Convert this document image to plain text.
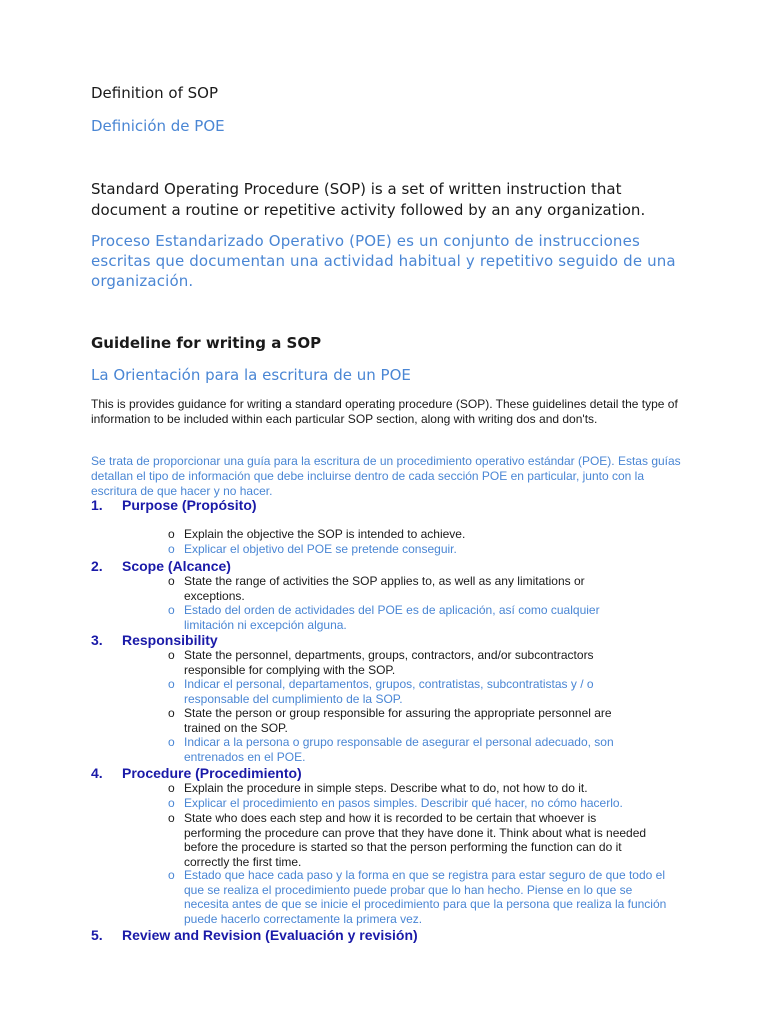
Definition of SOP

Definición de POE

Standard Operating Procedure (SOP) is a set of written instruction that document a routine or repetitive activity followed by an any organization.

Proceso Estandarizado Operativo (POE) es un conjunto de instrucciones escritas que documentan una actividad habitual y repetitivo seguido de una organización.

Guideline for writing a SOP

La Orientación para la escritura de un POE

This is provides guidance for writing a standard operating procedure (SOP). These guidelines detail the type of information to be included within each particular SOP section, along with writing dos and don'ts.

Se trata de proporcionar una guía para la escritura de un procedimiento operativo estándar (POE). Estas guías detallan el tipo de información que debe incluirse dentro de cada sección POE en particular, junto con la escritura de que hacer y no hacer.

1. Purpose (Propósito)
o Explain the objective the SOP is intended to achieve.
o Explicar el objetivo del POE se pretende conseguir.
2. Scope (Alcance)
o State the range of activities the SOP applies to, as well as any limitations or exceptions.
o Estado del orden de actividades del POE es de aplicación, así como cualquier limitación ni excepción alguna.
3. Responsibility
o State the personnel, departments, groups, contractors, and/or subcontractors responsible for complying with the SOP.
o Indicar el personal, departamentos, grupos, contratistas, subcontratistas y / o responsable del cumplimiento de la SOP.
o State the person or group responsible for assuring the appropriate personnel are trained on the SOP.
o Indicar a la persona o grupo responsable de asegurar el personal adecuado, son entrenados en el POE.
4. Procedure (Procedimiento)
o Explain the procedure in simple steps. Describe what to do, not how to do it.
o Explicar el procedimiento en pasos simples. Describir qué hacer, no cómo hacerlo.
o State who does each step and how it is recorded to be certain that whoever is performing the procedure can prove that they have done it. Think about what is needed before the procedure is started so that the person performing the function can do it correctly the first time.
o Estado que hace cada paso y la forma en que se registra para estar seguro de que todo el que se realiza el procedimiento puede probar que lo han hecho. Piense en lo que se necesita antes de que se inicie el procedimiento para que la persona que realiza la función puede hacerlo correctamente la primera vez.
5. Review and Revision (Evaluación y revisión)
